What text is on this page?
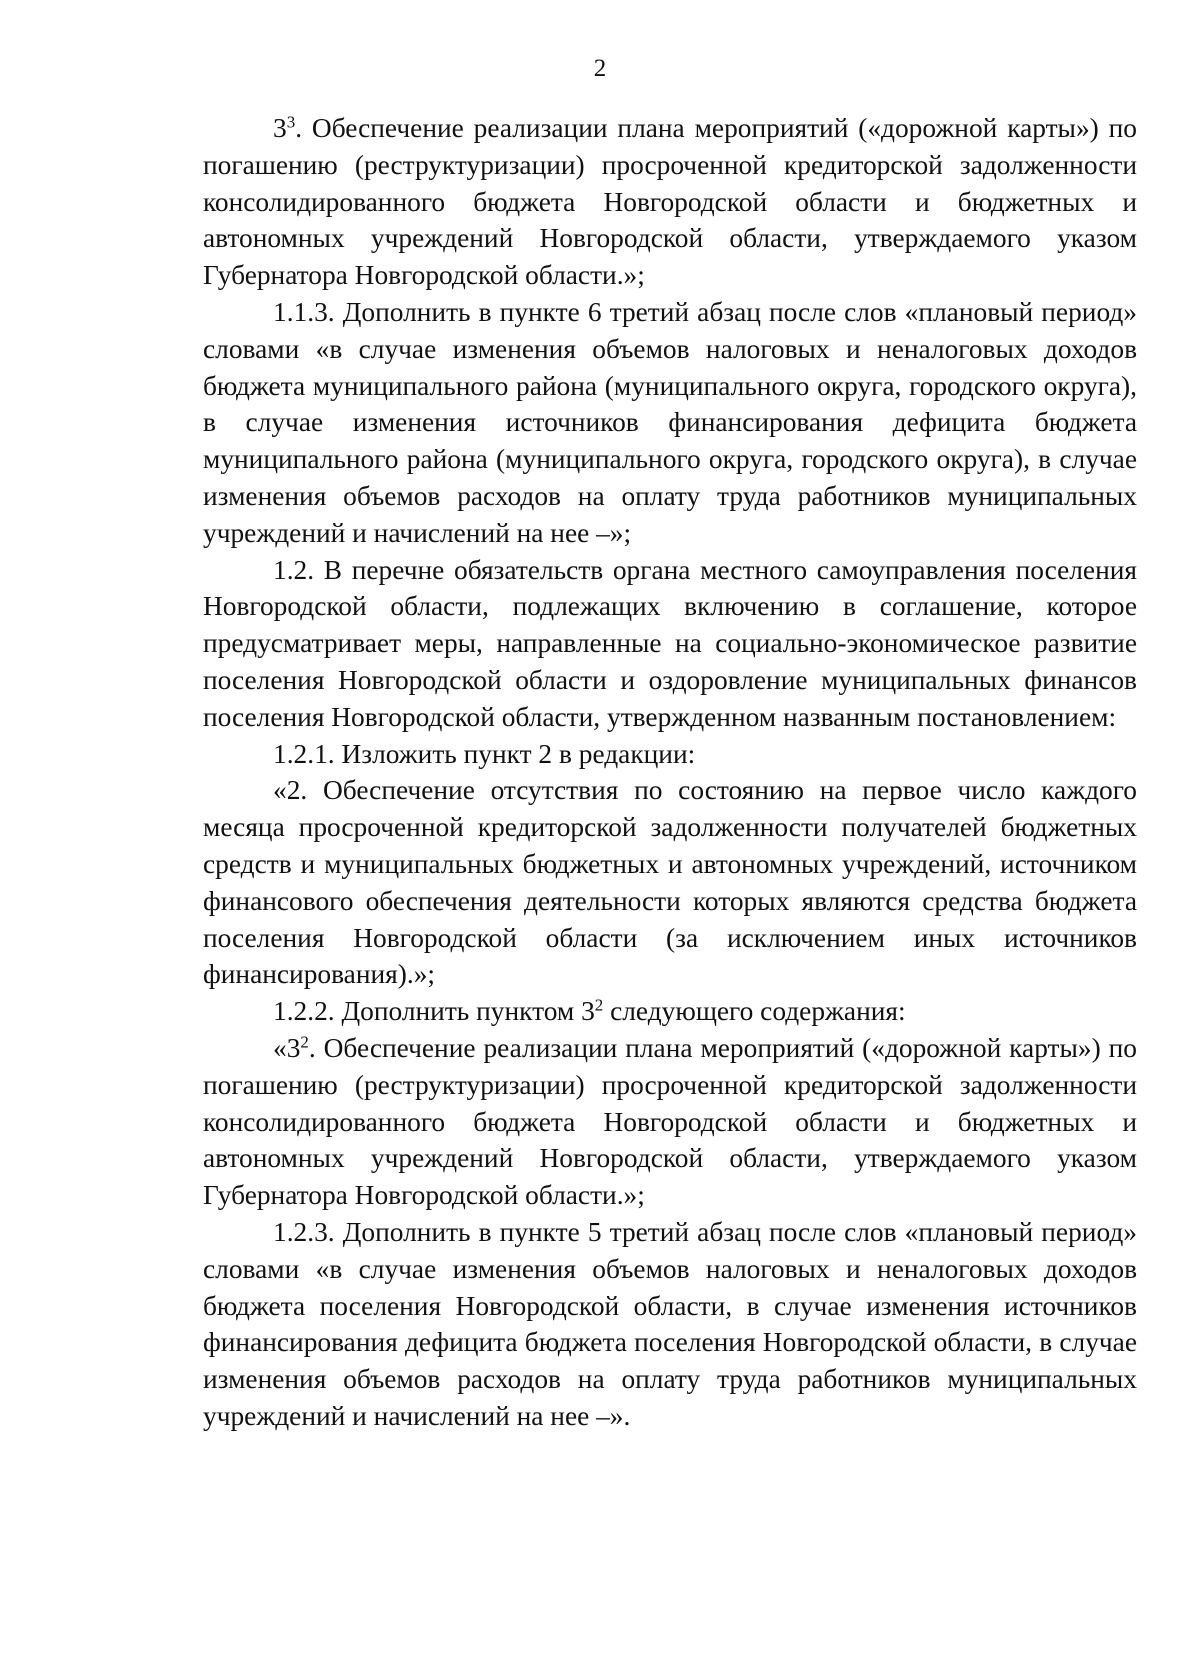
2

$3^3$. Обеспечение реализации плана мероприятий («дорожной карты») по погашению (реструктуризации) просроченной кредиторской задолженности консолидированного бюджета Новгородской области и бюджетных и автономных учреждений Новгородской области, утверждаемого указом Губернатора Новгородской области.»;

1.1.3. Дополнить в пункте 6 третий абзац после слов «плановый период» словами «в случае изменения объемов налоговых и неналоговых доходов бюджета муниципального района (муниципального округа, городского округа), в случае изменения источников финансирования дефицита бюджета муниципального района (муниципального округа, городского округа), в случае изменения объемов расходов на оплату труда работников муниципальных учреждений и начислений на нее –»;

1.2. В перечне обязательств органа местного самоуправления поселения Новгородской области, подлежащих включению в соглашение, которое предусматривает меры, направленные на социально-экономическое развитие поселения Новгородской области и оздоровление муниципальных финансов поселения Новгородской области, утвержденном названным постановлением:

1.2.1. Изложить пункт 2 в редакции:

«2. Обеспечение отсутствия по состоянию на первое число каждого месяца просроченной кредиторской задолженности получателей бюджетных средств и муниципальных бюджетных и автономных учреждений, источником финансового обеспечения деятельности которых являются средства бюджета поселения Новгородской области (за исключением иных источников финансирования).»;

1.2.2. Дополнить пунктом $3^2$ следующего содержания:

«$3^2$. Обеспечение реализации плана мероприятий («дорожной карты») по погашению (реструктуризации) просроченной кредиторской задолженности консолидированного бюджета Новгородской области и бюджетных и автономных учреждений Новгородской области, утверждаемого указом Губернатора Новгородской области.»;

1.2.3. Дополнить в пункте 5 третий абзац после слов «плановый период» словами «в случае изменения объемов налоговых и неналоговых доходов бюджета поселения Новгородской области, в случае изменения источников финансирования дефицита бюджета поселения Новгородской области, в случае изменения объемов расходов на оплату труда работников муниципальных учреждений и начислений на нее –».
